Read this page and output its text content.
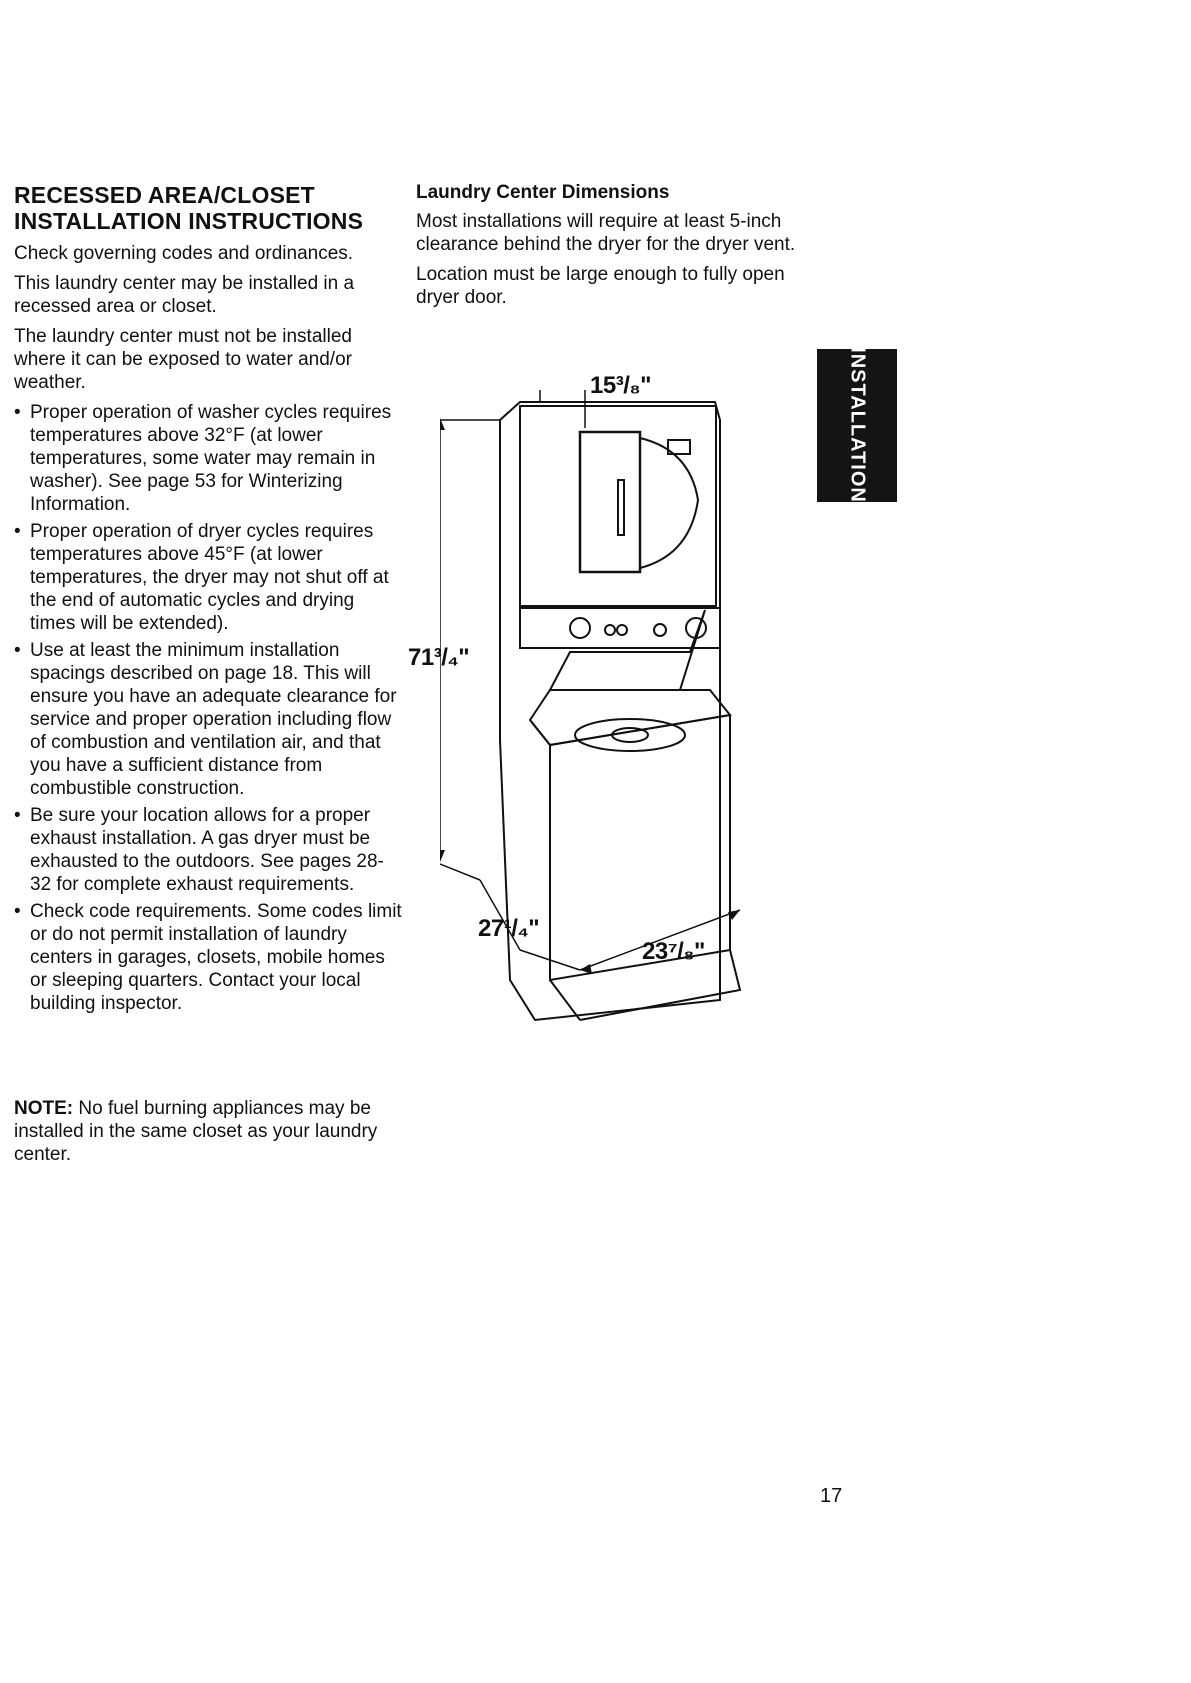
RECESSED AREA/CLOSET
INSTALLATION INSTRUCTIONS

Check governing codes and ordinances.

This laundry center may be installed in a recessed area or closet.

The laundry center must not be installed where it can be exposed to water and/or weather.

• Proper operation of washer cycles requires temperatures above 32°F (at lower temperatures, some water may remain in washer). See page 53 for Winterizing Information.
• Proper operation of dryer cycles requires temperatures above 45°F (at lower temperatures, the dryer may not shut off at the end of automatic cycles and drying times will be extended).
• Use at least the minimum installation spacings described on page 18. This will ensure you have an adequate clearance for service and proper operation including flow of combustion and ventilation air, and that you have a sufficient distance from combustible construction.
• Be sure your location allows for a proper exhaust installation. A gas dryer must be exhausted to the outdoors. See pages 28-32 for complete exhaust requirements.
• Check code requirements. Some codes limit or do not permit installation of laundry centers in garages, closets, mobile homes or sleeping quarters. Contact your local building inspector.
NOTE: No fuel burning appliances may be installed in the same closet as your laundry center.
Laundry Center Dimensions

Most installations will require at least 5-inch clearance behind the dryer for the dryer vent.

Location must be large enough to fully open dryer door.

15³/₈"
71³/₄"
27¹/₄"
23⁷/₈"
INSTALLATION
17
